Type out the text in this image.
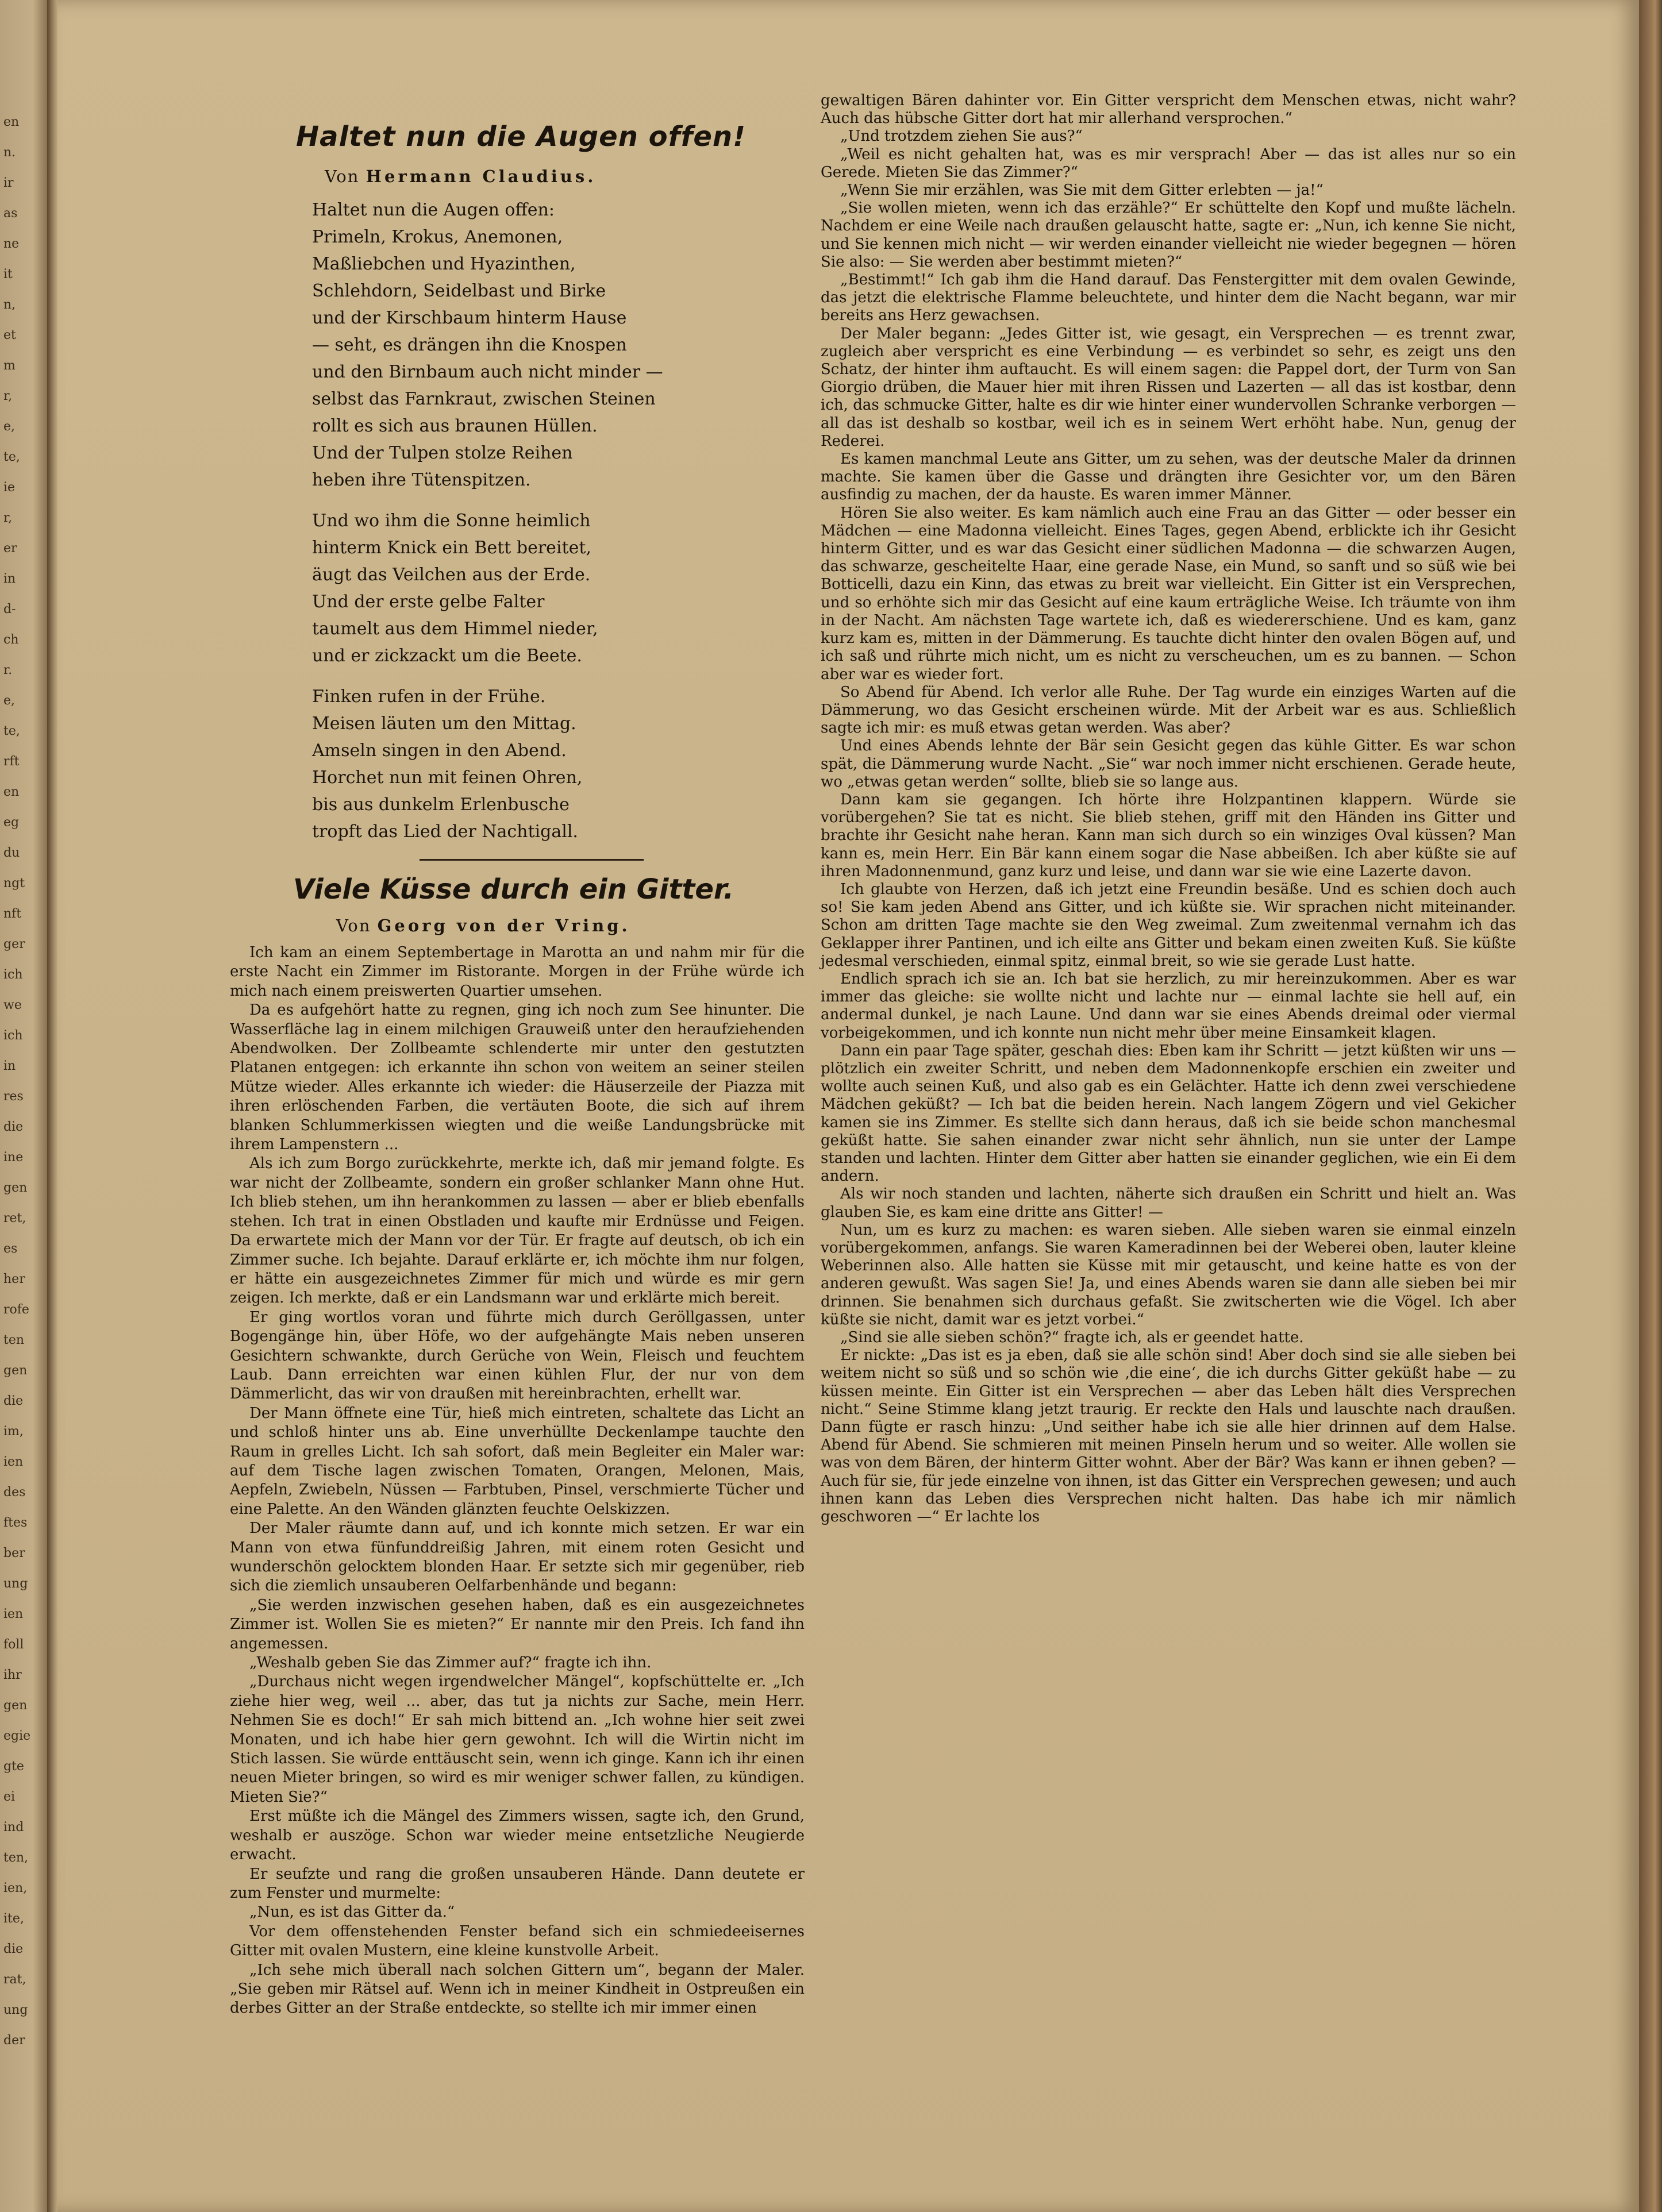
en
n.
ir
as
ne
it
n,
et
m
r,
e,
te,
ie
r,
er
in
d-
ch
r.
e,
te,
rft
en
eg
du
ngt
nft
ger
ich
we
ich
in
res
die
ine
gen
ret,
es
her
rofe
ten
gen
die
im,
ien
des
ftes
ber
ung
ien
foll
ihr
gen
egie
gte
ei
ind
ten,
ien,
ite,
die
rat,
ung
der
Haltet nun die Augen offen!
Von Hermann Claudius.
Haltet nun die Augen offen:
Primeln, Krokus, Anemonen,
Maßliebchen und Hyazinthen,
Schlehdorn, Seidelbast und Birke
und der Kirschbaum hinterm Hause
— seht, es drängen ihn die Knospen
und den Birnbaum auch nicht minder —
selbst das Farnkraut, zwischen Steinen
rollt es sich aus braunen Hüllen.
Und der Tulpen stolze Reihen
heben ihre Tütenspitzen.
Und wo ihm die Sonne heimlich
hinterm Knick ein Bett bereitet,
äugt das Veilchen aus der Erde.
Und der erste gelbe Falter
taumelt aus dem Himmel nieder,
und er zickzackt um die Beete.
Finken rufen in der Frühe.
Meisen läuten um den Mittag.
Amseln singen in den Abend.
Horchet nun mit feinen Ohren,
bis aus dunkelm Erlenbusche
tropft das Lied der Nachtigall.
Viele Küsse durch ein Gitter.
Von Georg von der Vring.

Ich kam an einem Septembertage in Marotta an und nahm mir für die erste Nacht ein Zimmer im Ristorante. Morgen in der Frühe würde ich mich nach einem preiswerten Quartier umsehen.

Da es aufgehört hatte zu regnen, ging ich noch zum See hinunter. Die Wasserfläche lag in einem milchigen Grauweiß unter den heraufziehenden Abendwolken. Der Zollbeamte schlenderte mir unter den gestutzten Platanen entgegen: ich erkannte ihn schon von weitem an seiner steilen Mütze wieder. Alles erkannte ich wieder: die Häuserzeile der Piazza mit ihren erlöschenden Farben, die vertäuten Boote, die sich auf ihrem blanken Schlummerkissen wiegten und die weiße Landungsbrücke mit ihrem Lampenstern ...

Als ich zum Borgo zurückkehrte, merkte ich, daß mir jemand folgte. Es war nicht der Zollbeamte, sondern ein großer schlanker Mann ohne Hut. Ich blieb stehen, um ihn herankommen zu lassen — aber er blieb ebenfalls stehen. Ich trat in einen Obstladen und kaufte mir Erdnüsse und Feigen. Da erwartete mich der Mann vor der Tür. Er fragte auf deutsch, ob ich ein Zimmer suche. Ich bejahte. Darauf erklärte er, ich möchte ihm nur folgen, er hätte ein ausgezeichnetes Zimmer für mich und würde es mir gern zeigen. Ich merkte, daß er ein Landsmann war und erklärte mich bereit.

Er ging wortlos voran und führte mich durch Geröllgassen, unter Bogengänge hin, über Höfe, wo der aufgehängte Mais neben unseren Gesichtern schwankte, durch Gerüche von Wein, Fleisch und feuchtem Laub. Dann erreichten war einen kühlen Flur, der nur von dem Dämmerlicht, das wir von draußen mit hereinbrachten, erhellt war.

Der Mann öffnete eine Tür, hieß mich eintreten, schaltete das Licht an und schloß hinter uns ab. Eine unverhüllte Deckenlampe tauchte den Raum in grelles Licht. Ich sah sofort, daß mein Begleiter ein Maler war: auf dem Tische lagen zwischen Tomaten, Orangen, Melonen, Mais, Aepfeln, Zwiebeln, Nüssen — Farbtuben, Pinsel, verschmierte Tücher und eine Palette. An den Wänden glänzten feuchte Oelskizzen.

Der Maler räumte dann auf, und ich konnte mich setzen. Er war ein Mann von etwa fünfunddreißig Jahren, mit einem roten Gesicht und wunderschön gelocktem blonden Haar. Er setzte sich mir gegenüber, rieb sich die ziemlich unsauberen Oelfarbenhände und begann:

„Sie werden inzwischen gesehen haben, daß es ein ausgezeichnetes Zimmer ist. Wollen Sie es mieten?“ Er nannte mir den Preis. Ich fand ihn angemessen.

„Weshalb geben Sie das Zimmer auf?“ fragte ich ihn.

„Durchaus nicht wegen irgendwelcher Mängel“, kopfschüttelte er. „Ich ziehe hier weg, weil ... aber, das tut ja nichts zur Sache, mein Herr. Nehmen Sie es doch!“ Er sah mich bittend an. „Ich wohne hier seit zwei Monaten, und ich habe hier gern gewohnt. Ich will die Wirtin nicht im Stich lassen. Sie würde enttäuscht sein, wenn ich ginge. Kann ich ihr einen neuen Mieter bringen, so wird es mir weniger schwer fallen, zu kündigen. Mieten Sie?“

Erst müßte ich die Mängel des Zimmers wissen, sagte ich, den Grund, weshalb er auszöge. Schon war wieder meine entsetzliche Neugierde erwacht.

Er seufzte und rang die großen unsauberen Hände. Dann deutete er zum Fenster und murmelte:

„Nun, es ist das Gitter da.“

Vor dem offenstehenden Fenster befand sich ein schmiedeeisernes Gitter mit ovalen Mustern, eine kleine kunstvolle Arbeit.

„Ich sehe mich überall nach solchen Gittern um“, begann der Maler. „Sie geben mir Rätsel auf. Wenn ich in meiner Kindheit in Ostpreußen ein derbes Gitter an der Straße entdeckte, so stellte ich mir immer einen

gewaltigen Bären dahinter vor. Ein Gitter verspricht dem Menschen etwas, nicht wahr? Auch das hübsche Gitter dort hat mir allerhand versprochen.“

„Und trotzdem ziehen Sie aus?“

„Weil es nicht gehalten hat, was es mir versprach! Aber — das ist alles nur so ein Gerede. Mieten Sie das Zimmer?“

„Wenn Sie mir erzählen, was Sie mit dem Gitter erlebten — ja!“

„Sie wollen mieten, wenn ich das erzähle?“ Er schüttelte den Kopf und mußte lächeln. Nachdem er eine Weile nach draußen gelauscht hatte, sagte er: „Nun, ich kenne Sie nicht, und Sie kennen mich nicht — wir werden einander vielleicht nie wieder begegnen — hören Sie also: — Sie werden aber bestimmt mieten?“

„Bestimmt!“ Ich gab ihm die Hand darauf. Das Fenstergitter mit dem ovalen Gewinde, das jetzt die elektrische Flamme beleuchtete, und hinter dem die Nacht begann, war mir bereits ans Herz gewachsen.

Der Maler begann: „Jedes Gitter ist, wie gesagt, ein Versprechen — es trennt zwar, zugleich aber verspricht es eine Verbindung — es verbindet so sehr, es zeigt uns den Schatz, der hinter ihm auftaucht. Es will einem sagen: die Pappel dort, der Turm von San Giorgio drüben, die Mauer hier mit ihren Rissen und Lazerten — all das ist kostbar, denn ich, das schmucke Gitter, halte es dir wie hinter einer wundervollen Schranke verborgen — all das ist deshalb so kostbar, weil ich es in seinem Wert erhöht habe. Nun, genug der Rederei.

Es kamen manchmal Leute ans Gitter, um zu sehen, was der deutsche Maler da drinnen machte. Sie kamen über die Gasse und drängten ihre Gesichter vor, um den Bären ausfindig zu machen, der da hauste. Es waren immer Männer.

Hören Sie also weiter. Es kam nämlich auch eine Frau an das Gitter — oder besser ein Mädchen — eine Madonna vielleicht. Eines Tages, gegen Abend, erblickte ich ihr Gesicht hinterm Gitter, und es war das Gesicht einer südlichen Madonna — die schwarzen Augen, das schwarze, gescheitelte Haar, eine gerade Nase, ein Mund, so sanft und so süß wie bei Botticelli, dazu ein Kinn, das etwas zu breit war vielleicht. Ein Gitter ist ein Versprechen, und so erhöhte sich mir das Gesicht auf eine kaum erträgliche Weise. Ich träumte von ihm in der Nacht. Am nächsten Tage wartete ich, daß es wiedererschiene. Und es kam, ganz kurz kam es, mitten in der Dämmerung. Es tauchte dicht hinter den ovalen Bögen auf, und ich saß und rührte mich nicht, um es nicht zu verscheuchen, um es zu bannen. — Schon aber war es wieder fort.

So Abend für Abend. Ich verlor alle Ruhe. Der Tag wurde ein einziges Warten auf die Dämmerung, wo das Gesicht erscheinen würde. Mit der Arbeit war es aus. Schließlich sagte ich mir: es muß etwas getan werden. Was aber?

Und eines Abends lehnte der Bär sein Gesicht gegen das kühle Gitter. Es war schon spät, die Dämmerung wurde Nacht. „Sie“ war noch immer nicht erschienen. Gerade heute, wo „etwas getan werden“ sollte, blieb sie so lange aus.

Dann kam sie gegangen. Ich hörte ihre Holzpantinen klappern. Würde sie vorübergehen? Sie tat es nicht. Sie blieb stehen, griff mit den Händen ins Gitter und brachte ihr Gesicht nahe heran. Kann man sich durch so ein winziges Oval küssen? Man kann es, mein Herr. Ein Bär kann einem sogar die Nase abbeißen. Ich aber küßte sie auf ihren Madonnenmund, ganz kurz und leise, und dann war sie wie eine Lazerte davon.

Ich glaubte von Herzen, daß ich jetzt eine Freundin besäße. Und es schien doch auch so! Sie kam jeden Abend ans Gitter, und ich küßte sie. Wir sprachen nicht miteinander. Schon am dritten Tage machte sie den Weg zweimal. Zum zweitenmal vernahm ich das Geklapper ihrer Pantinen, und ich eilte ans Gitter und bekam einen zweiten Kuß. Sie küßte jedesmal verschieden, einmal spitz, einmal breit, so wie sie gerade Lust hatte.

Endlich sprach ich sie an. Ich bat sie herzlich, zu mir hereinzukommen. Aber es war immer das gleiche: sie wollte nicht und lachte nur — einmal lachte sie hell auf, ein andermal dunkel, je nach Laune. Und dann war sie eines Abends dreimal oder viermal vorbeigekommen, und ich konnte nun nicht mehr über meine Einsamkeit klagen.

Dann ein paar Tage später, geschah dies: Eben kam ihr Schritt — jetzt küßten wir uns — plötzlich ein zweiter Schritt, und neben dem Madonnenkopfe erschien ein zweiter und wollte auch seinen Kuß, und also gab es ein Gelächter. Hatte ich denn zwei verschiedene Mädchen geküßt? — Ich bat die beiden herein. Nach langem Zögern und viel Gekicher kamen sie ins Zimmer. Es stellte sich dann heraus, daß ich sie beide schon manchesmal geküßt hatte. Sie sahen einander zwar nicht sehr ähnlich, nun sie unter der Lampe standen und lachten. Hinter dem Gitter aber hatten sie einander geglichen, wie ein Ei dem andern.

Als wir noch standen und lachten, näherte sich draußen ein Schritt und hielt an. Was glauben Sie, es kam eine dritte ans Gitter! —

Nun, um es kurz zu machen: es waren sieben. Alle sieben waren sie einmal einzeln vorübergekommen, anfangs. Sie waren Kameradinnen bei der Weberei oben, lauter kleine Weberinnen also. Alle hatten sie Küsse mit mir getauscht, und keine hatte es von der anderen gewußt. Was sagen Sie! Ja, und eines Abends waren sie dann alle sieben bei mir drinnen. Sie benahmen sich durchaus gefaßt. Sie zwitscherten wie die Vögel. Ich aber küßte sie nicht, damit war es jetzt vorbei.“

„Sind sie alle sieben schön?“ fragte ich, als er geendet hatte.

Er nickte: „Das ist es ja eben, daß sie alle schön sind! Aber doch sind sie alle sieben bei weitem nicht so süß und so schön wie ‚die eine‘, die ich durchs Gitter geküßt habe — zu küssen meinte. Ein Gitter ist ein Versprechen — aber das Leben hält dies Versprechen nicht.“ Seine Stimme klang jetzt traurig. Er reckte den Hals und lauschte nach draußen. Dann fügte er rasch hinzu: „Und seither habe ich sie alle hier drinnen auf dem Halse. Abend für Abend. Sie schmieren mit meinen Pinseln herum und so weiter. Alle wollen sie was von dem Bären, der hinterm Gitter wohnt. Aber der Bär? Was kann er ihnen geben? — Auch für sie, für jede einzelne von ihnen, ist das Gitter ein Versprechen gewesen; und auch ihnen kann das Leben dies Versprechen nicht halten. Das habe ich mir nämlich geschworen —“ Er lachte los
